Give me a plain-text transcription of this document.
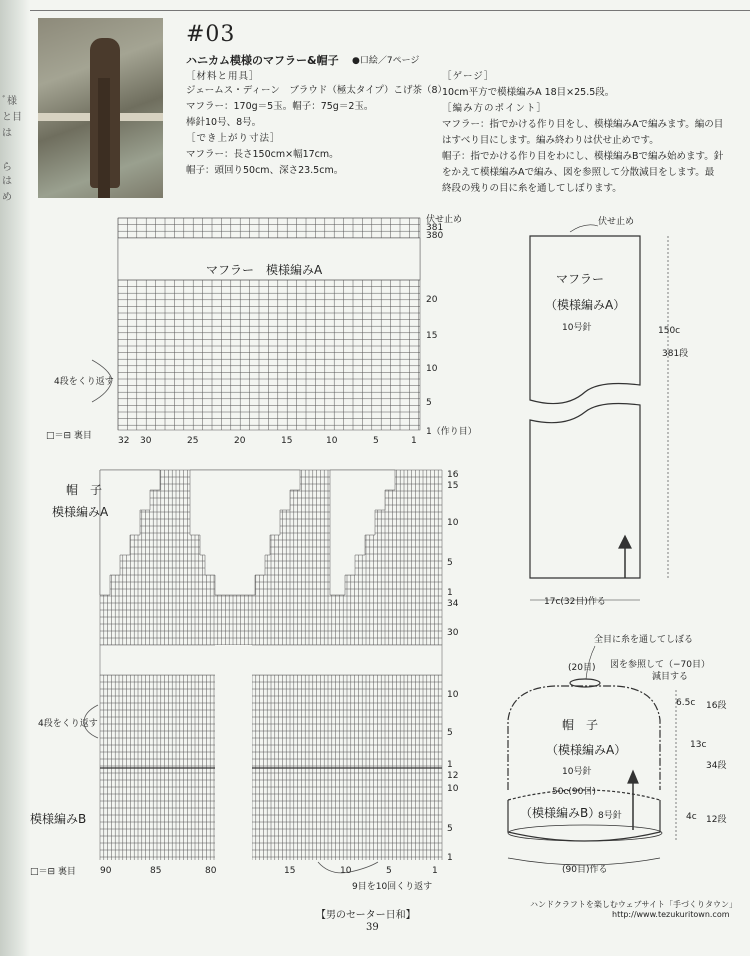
ﾞ様
と目
は
ら
は
め
#03
ハニカム模様のマフラー&帽子 ●口絵／7ページ
［材料と用具］
ジェームス・ディーン　ブラウド（極太タイプ）こげ茶（8）
マフラー：170g＝5玉。帽子：75g＝2玉。
棒針10号、8号。
［でき上がり寸法］
マフラー：長さ150cm×幅17cm。
帽子：頭回り50cm、深さ23.5cm。
［ゲージ］
10cm平方で模様編みA 18目×25.5段。
［編み方のポイント］
マフラー：指でかける作り目をし、模様編みAで編みます。編の目
はすべり目にします。編み終わりは伏せ止めです。
帽子：指でかける作り目をわにし、模様編みBで編み始めます。針
をかえて模様編みAで編み、図を参照して分散減目をします。最
終段の残りの目に糸を通してしぼります。
マフラー　模様編みA
伏せ止め
381
380
20
15
10
5
1（作り目）
4段をくり返す
□＝⊟ 裏目	32 30	25	20	15	10	5	1
帽　子
模様編みA
模様編みB
4段をくり返す
□＝⊟ 裏目
16
15
10
5
1
34
30
10
5
1
12
10
5
1
90	85	80	15	10	5	1
9目を10回くり返す
伏せ止め
マフラー
（模様編みA）
10号針	150c
381段
17c(32目)作る
全目に糸を通してしぼる
(20目) 図を参照して（−70目）
減目する
6.5c 16段
13c
34段
4c 12段
帽　子
（模様編みA）
10号針
50c(90目)
（模様編みB）
8号針
(90目)作る
【男のセーター日和】
39
ハンドクラフトを楽しむウェブサイト「手づくりタウン」
http://www.tezukuritown.com
